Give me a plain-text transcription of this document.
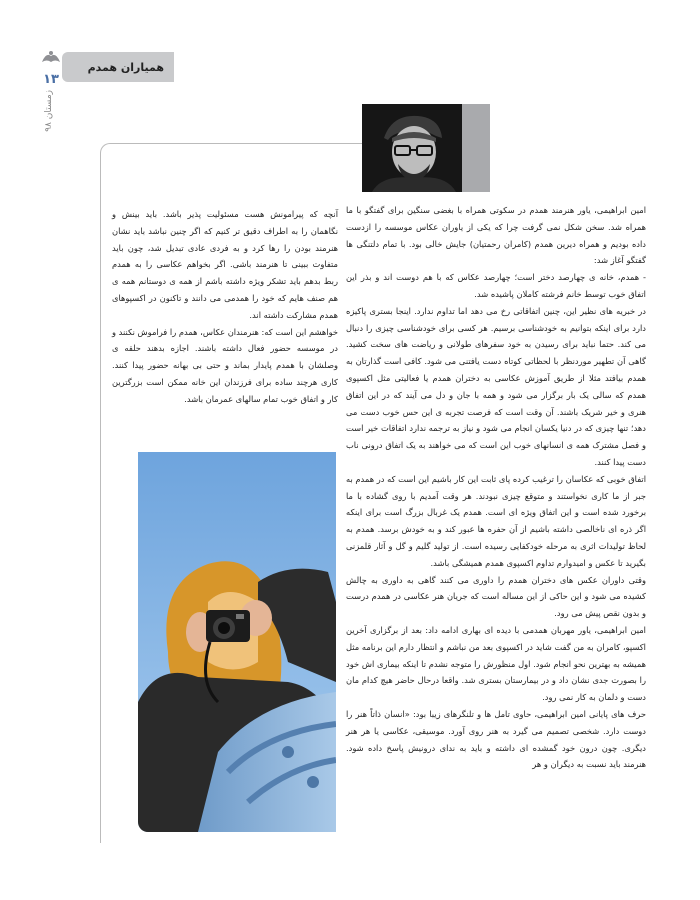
همیاران همدم
۱۳
زمستان ۹۸

امین ابراهیمی، یاور هنرمند همدم در سکوتی همراه با بغضی سنگین برای گفتگو با ما همراه شد. سخن شکل نمی گرفت چرا که یکی از یاوران عکاس موسسه را ازدست داده بودیم و همراه دیرین همدم (کامران رحمتیان) جایش خالی بود. با تمام دلتنگی ها گفتگو آغاز شد:

- همدم، خانه ی چهارصد دختر است؛ چهارصد عکاس که با هم دوست اند و بذر این اتفاق خوب توسط خانم فرشته کاملان پاشیده شد.

در خبریه های نظیر این، چنین اتفاقاتی رخ می دهد اما تداوم ندارد. اینجا بستری پاکیزه دارد برای اینکه بتوانیم به خودشناسی برسیم. هر کسی برای خودشناسی چیزی را دنبال می کند. حتما نباید برای رسیدن به خود سفرهای طولانی و ریاضت های سخت کشید. گاهی آن تطهیر موردنظر با لحظاتی کوتاه دست یافتنی می شود. کافی است گذارتان به همدم بیافتد مثلا از طریق آموزش عکاسی به دختران همدم یا فعالیتی مثل اکسپوی همدم که سالی یک بار برگزار می شود و همه با جان و دل می آیند که در این اتفاق هنری و خیر شریک باشند. آن وقت است که فرصت تجربه ی این حس خوب دست می دهد؛ تنها چیزی که در دنیا یکسان انجام می شود و نیاز به ترجمه ندارد اتفاقات خیر است و فصل مشترک همه ی انسانهای خوب این است که می خواهند به یک اتفاق درونی ناب دست پیدا کنند.

اتفاق خوبی که عکاسان را ترغیب کرده پای ثابت این کار باشیم این است که در همدم به جبر از ما کاری نخواستند و متوقع چیزی نبودند. هر وقت آمدیم با روی گشاده با ما برخورد شده است و این اتفاق ویژه ای است. همدم یک غربال بزرگ است برای اینکه اگر ذره ای ناخالصی داشته باشیم از آن حفره ها عبور کند و به خودش برسد. همدم به لحاظ تولیدات اثری به مرحله خودکفایی رسیده است. از تولید گلیم و گل و آثار قلمزنی بگیرید تا عکس و امیدوارم تداوم اکسپوی همدم همیشگی باشد.

وقتی داوران عکس های دختران همدم را داوری می کنند گاهی به داوری به چالش کشیده می شود و این حاکی از این مساله است که جریان هنر عکاسی در همدم درست و بدون نقص پیش می رود.

امین ابراهیمی، یاور مهربان همدمی با دیده ای بهاری ادامه داد: بعد از برگزاری آخرین اکسپو، کامران به من گفت شاید در اکسپوی بعد من نباشم و انتظار دارم این برنامه مثل همیشه به بهترین نحو انجام شود. اول منظورش را متوجه نشدم تا اینکه بیماری اش خود را بصورت جدی نشان داد و در بیمارستان بستری شد. واقعا درحال حاضر هیچ کدام مان دست و دلمان به کار نمی رود.

حرف های پایانی امین ابراهیمی، حاوی تامل ها و تلنگرهای زیبا بود: «انسان ذاتاً هنر را دوست دارد. شخصی تصمیم می گیرد به هنر روی آورد. موسیقی، عکاسی یا هر هنر دیگری. چون درون خود گمشده ای داشته و باید به ندای درونیش پاسخ داده شود. هنرمند باید نسبت به دیگران و هر

آنچه که پیرامونش هست مسئولیت پذیر باشد. باید بینش و نگاهمان را به اطراف دقیق تر کنیم که اگر چنین نباشد باید نشان هنرمند بودن را رها کرد و به فردی عادی تبدیل شد، چون باید متفاوت ببینی تا هنرمند باشی. اگر بخواهم عکاسی را به همدم ربط بدهم باید تشکر ویژه داشته باشم از همه ی دوستانم همه ی هم صنف هایم که خود را همدمی می دانند و تاکنون در اکسپوهای همدم مشارکت داشته اند.

خواهشم این است که: هنرمندان عکاس، همدم را فراموش نکنند و در موسسه حضور فعال داشته باشند. اجازه بدهند حلقه ی وصلشان با همدم پایدار بماند و حتی بی بهانه حضور پیدا کنند. کاری هرچند ساده برای فرزندان این خانه ممکن است بزرگترین کار و اتفاق خوب تمام سالهای عمرمان باشد.
